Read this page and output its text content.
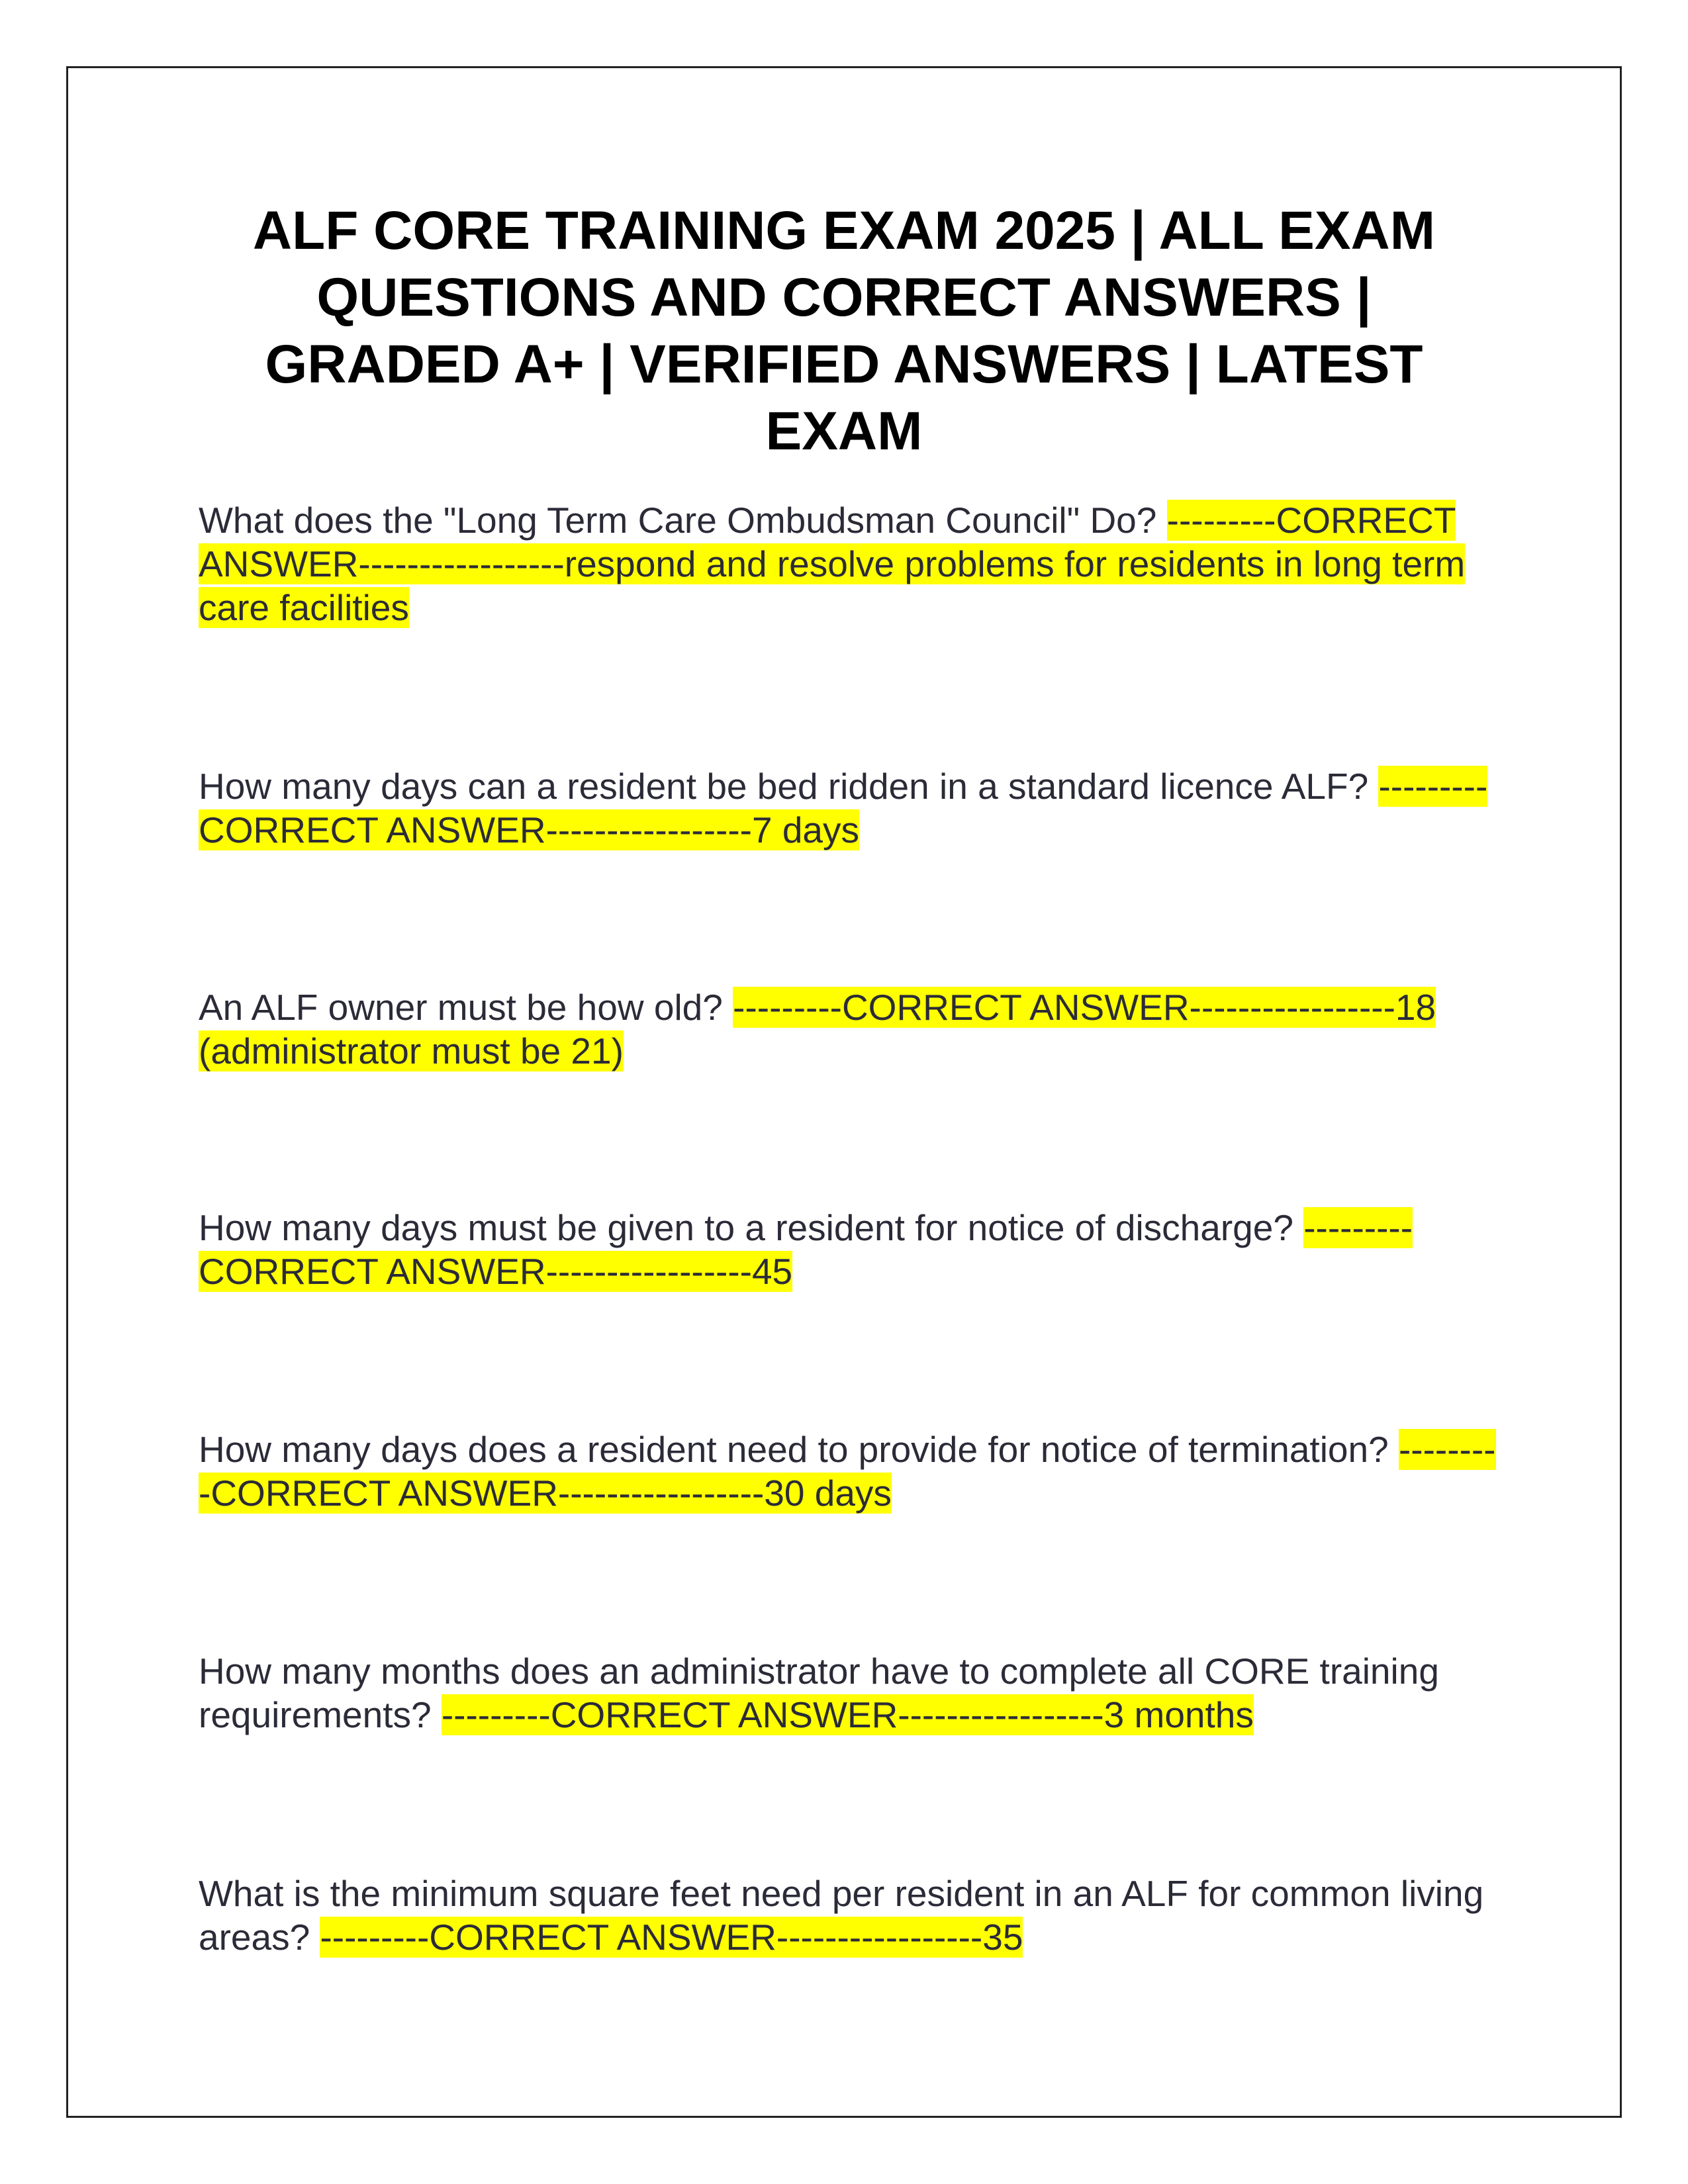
ALF CORE TRAINING EXAM 2025 | ALL EXAM QUESTIONS AND CORRECT ANSWERS | GRADED A+ | VERIFIED ANSWERS | LATEST EXAM

What does the "Long Term Care Ombudsman Council" Do? ---------CORRECT ANSWER-----------------respond and resolve problems for residents in long term care facilities

How many days can a resident be bed ridden in a standard licence ALF? ---------CORRECT ANSWER-----------------7 days

An ALF owner must be how old? ---------CORRECT ANSWER-----------------18 (administrator must be 21)

How many days must be given to a resident for notice of discharge? ---------CORRECT ANSWER-----------------45

How many days does a resident need to provide for notice of termination? ---------CORRECT ANSWER-----------------30 days

How many months does an administrator have to complete all CORE training requirements? ---------CORRECT ANSWER-----------------3 months

What is the minimum square feet need per resident in an ALF for common living areas? ---------CORRECT ANSWER-----------------35
